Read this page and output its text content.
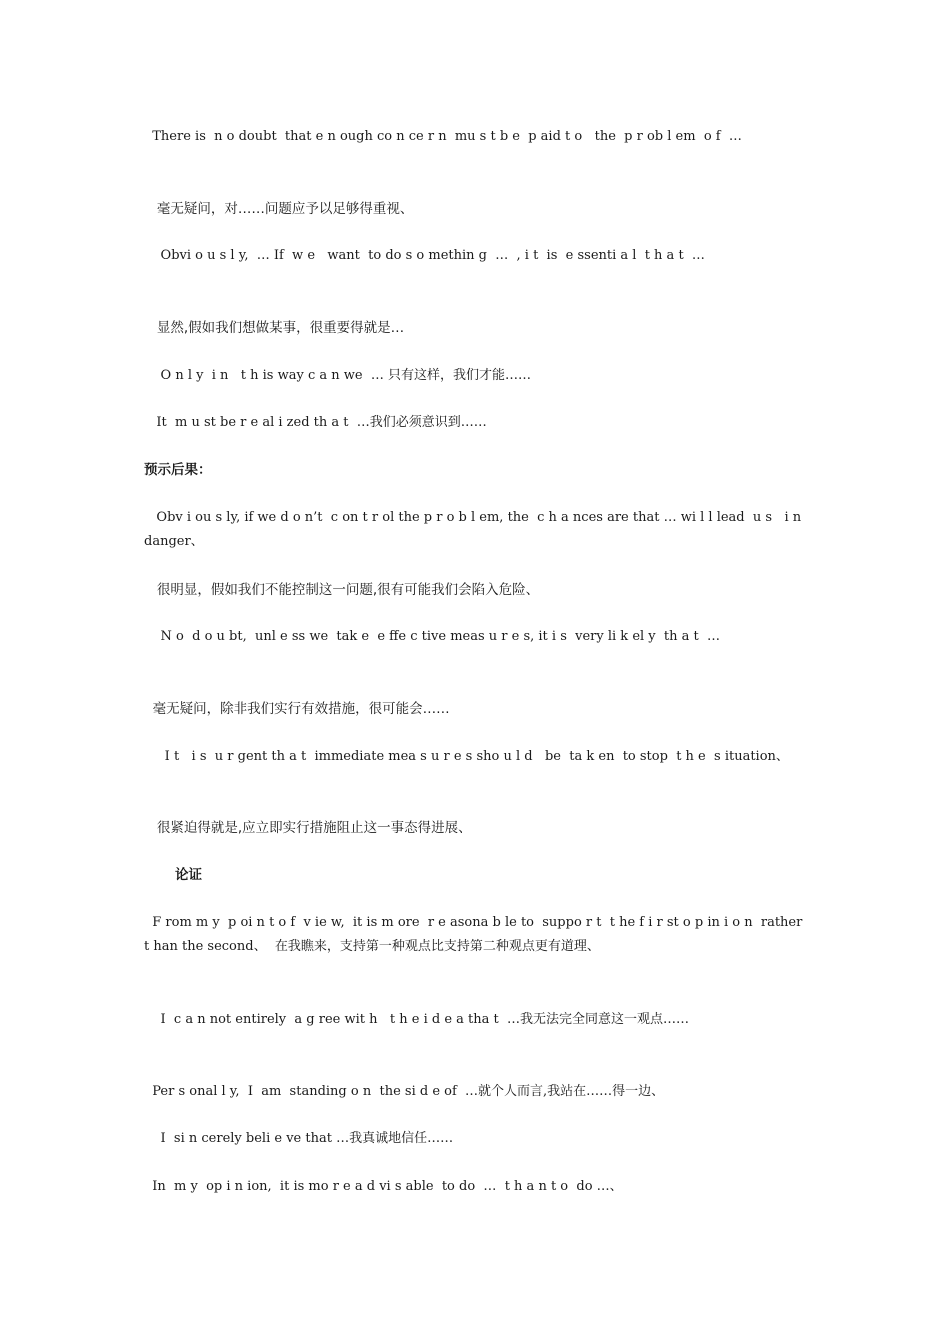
There is  n o doubt  that e n ough co n ce r n  mu s t b e  p aid t o   the  p r ob l em  o f  …
毫无疑问，对……问题应予以足够得重视、
Obvi o u s l y,  … If  w e   want  to do s o methin g  …  , i t  is  e ssenti a l  t h a t  …
显然,假如我们想做某事，很重要得就是…
O n l y  i n   t h is way c a n we  … 只有这样，我们才能……
It  m u st be r e al i zed th a t  …我们必须意识到……
预示后果：
Obv i ou s ly, if we d o n’t  c on t r ol the p r o b l em, the  c h a nces are that … wi l l lead  u s   i n danger、
很明显，假如我们不能控制这一问题,很有可能我们会陷入危险、
N o  d o u bt,  unl e ss we  tak e  e ffe c tive meas u r e s, it i s  very li k el y  th a t  …
毫无疑问，除非我们实行有效措施，很可能会……
I t   i s  u r gent th a t  immediate mea s u r e s sho u l d   be  ta k en  to stop  t h e  s ituation、
很紧迫得就是,应立即实行措施阻止这一事态得进展、
论证
F rom m y  p oi n t o f  v ie w,  it is m ore  r e asona b le to  suppo r t  t he f i r st o p in i o n  rather  t han the second、  在我瞧来，支持第一种观点比支持第二种观点更有道理、
I  c a n not entirely  a g ree wit h   t h e i d e a tha t  …我无法完全同意这一观点……
Per s onal l y,  I  am  standing o n  the si d e of  …就个人而言,我站在……得一边、
I  si n cerely beli e ve that …我真诚地信任……
In  m y  op i n ion,  it is mo r e a d vi s able  to do  …  t h a n t o  do …、
